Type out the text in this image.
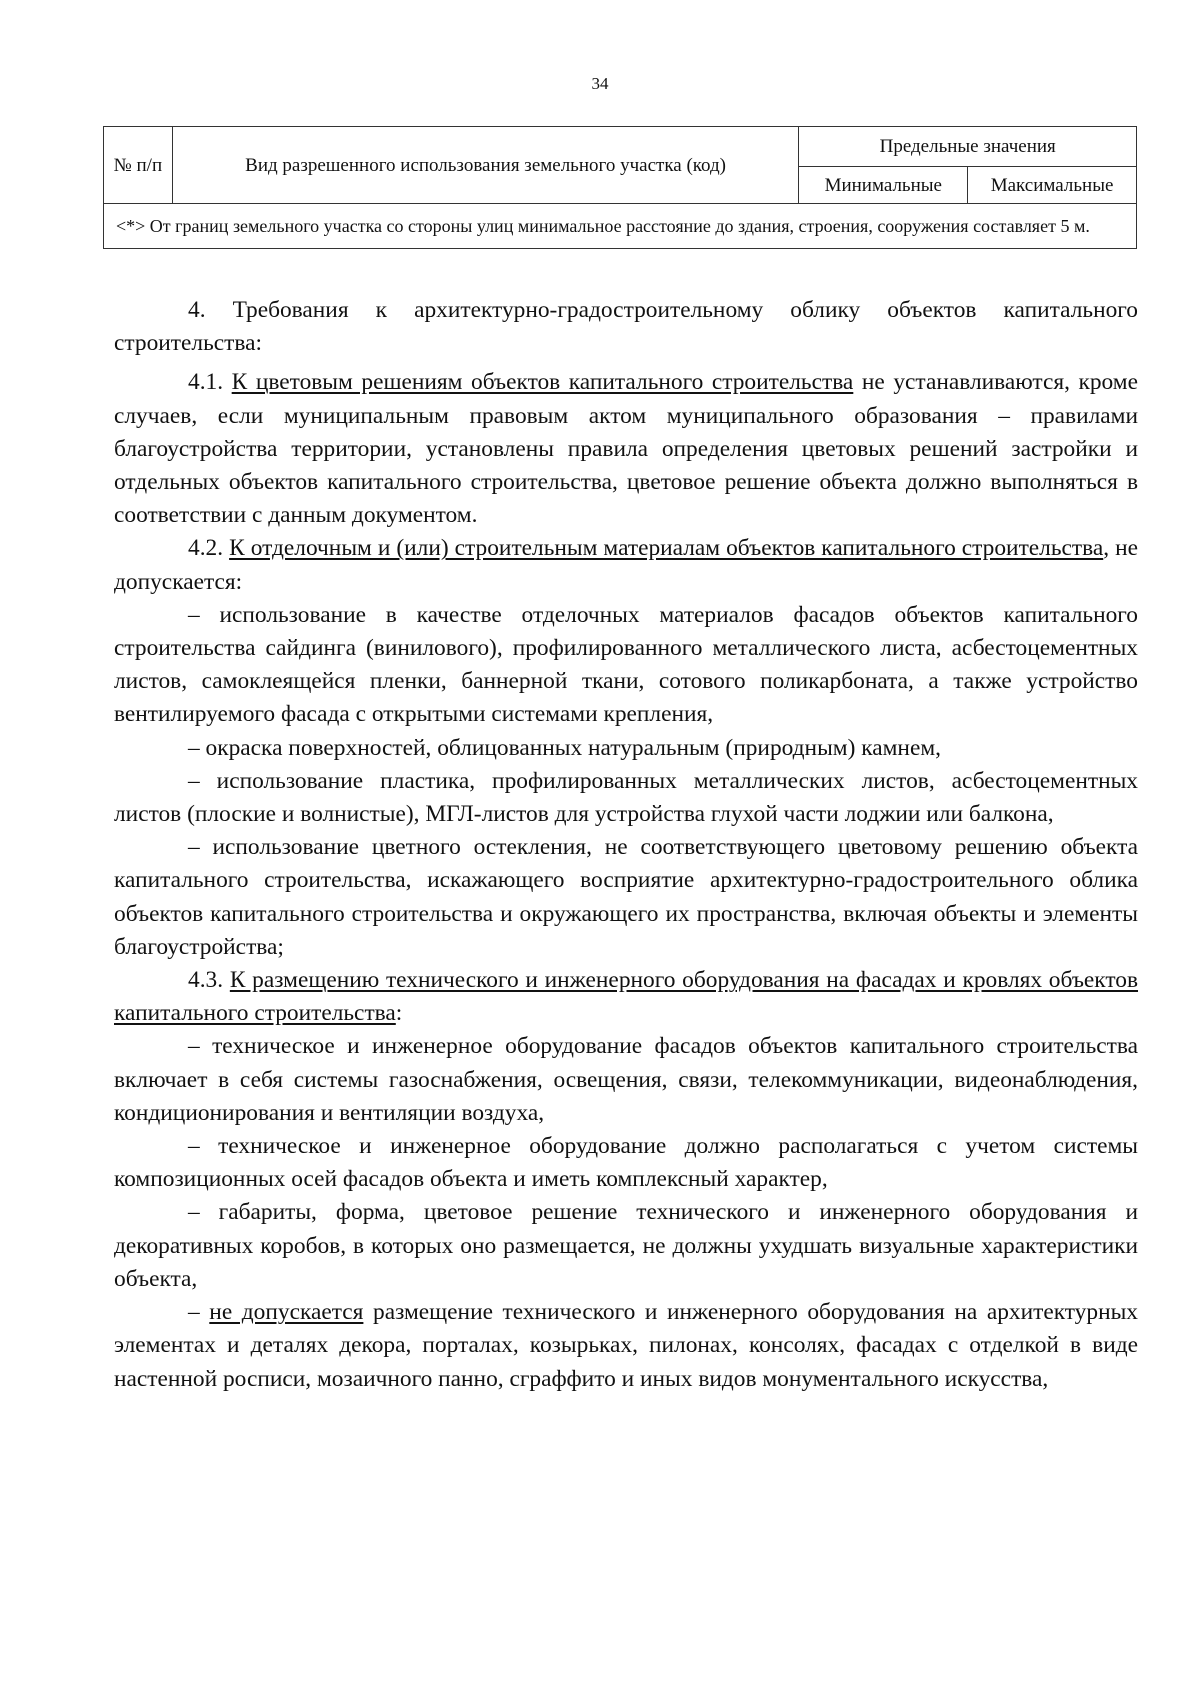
34
№ п/п	Вид разрешенного использования земельного участка (код)	Предельные значения	
		Минимальные	Максимальные
<*> От границ земельного участка со стороны улиц минимальное расстояние до здания, строения, сооружения составляет 5 м.			

4. Требования к архитектурно-градостроительному облику объектов капитального строительства:

4.1. К цветовым решениям объектов капитального строительства не устанавливаются, кроме случаев, если муниципальным правовым актом муниципального образования – правилами благоустройства территории, установлены правила определения цветовых решений застройки и отдельных объектов капитального строительства, цветовое решение объекта должно выполняться в соответствии с данным документом.

4.2. К отделочным и (или) строительным материалам объектов капитального строительства, не допускается:

– использование в качестве отделочных материалов фасадов объектов капитального строительства сайдинга (винилового), профилированного металлического листа, асбестоцементных листов, самоклеящейся пленки, баннерной ткани, сотового поликарбоната, а также устройство вентилируемого фасада с открытыми системами крепления,

– окраска поверхностей, облицованных натуральным (природным) камнем,

– использование пластика, профилированных металлических листов, асбестоцементных листов (плоские и волнистые), МГЛ-листов для устройства глухой части лоджии или балкона,

– использование цветного остекления, не соответствующего цветовому решению объекта капитального строительства, искажающего восприятие архитектурно-градостроительного облика объектов капитального строительства и окружающего их пространства, включая объекты и элементы благоустройства;

4.3. К размещению технического и инженерного оборудования на фасадах и кровлях объектов капитального строительства:

– техническое и инженерное оборудование фасадов объектов капитального строительства включает в себя системы газоснабжения, освещения, связи, телекоммуникации, видеонаблюдения, кондиционирования и вентиляции воздуха,

– техническое и инженерное оборудование должно располагаться с учетом системы композиционных осей фасадов объекта и иметь комплексный характер,

– габариты, форма, цветовое решение технического и инженерного оборудования и декоративных коробов, в которых оно размещается, не должны ухудшать визуальные характеристики объекта,

– не допускается размещение технического и инженерного оборудования на архитектурных элементах и деталях декора, порталах, козырьках, пилонах, консолях, фасадах с отделкой в виде настенной росписи, мозаичного панно, сграффито и иных видов монументального искусства,
